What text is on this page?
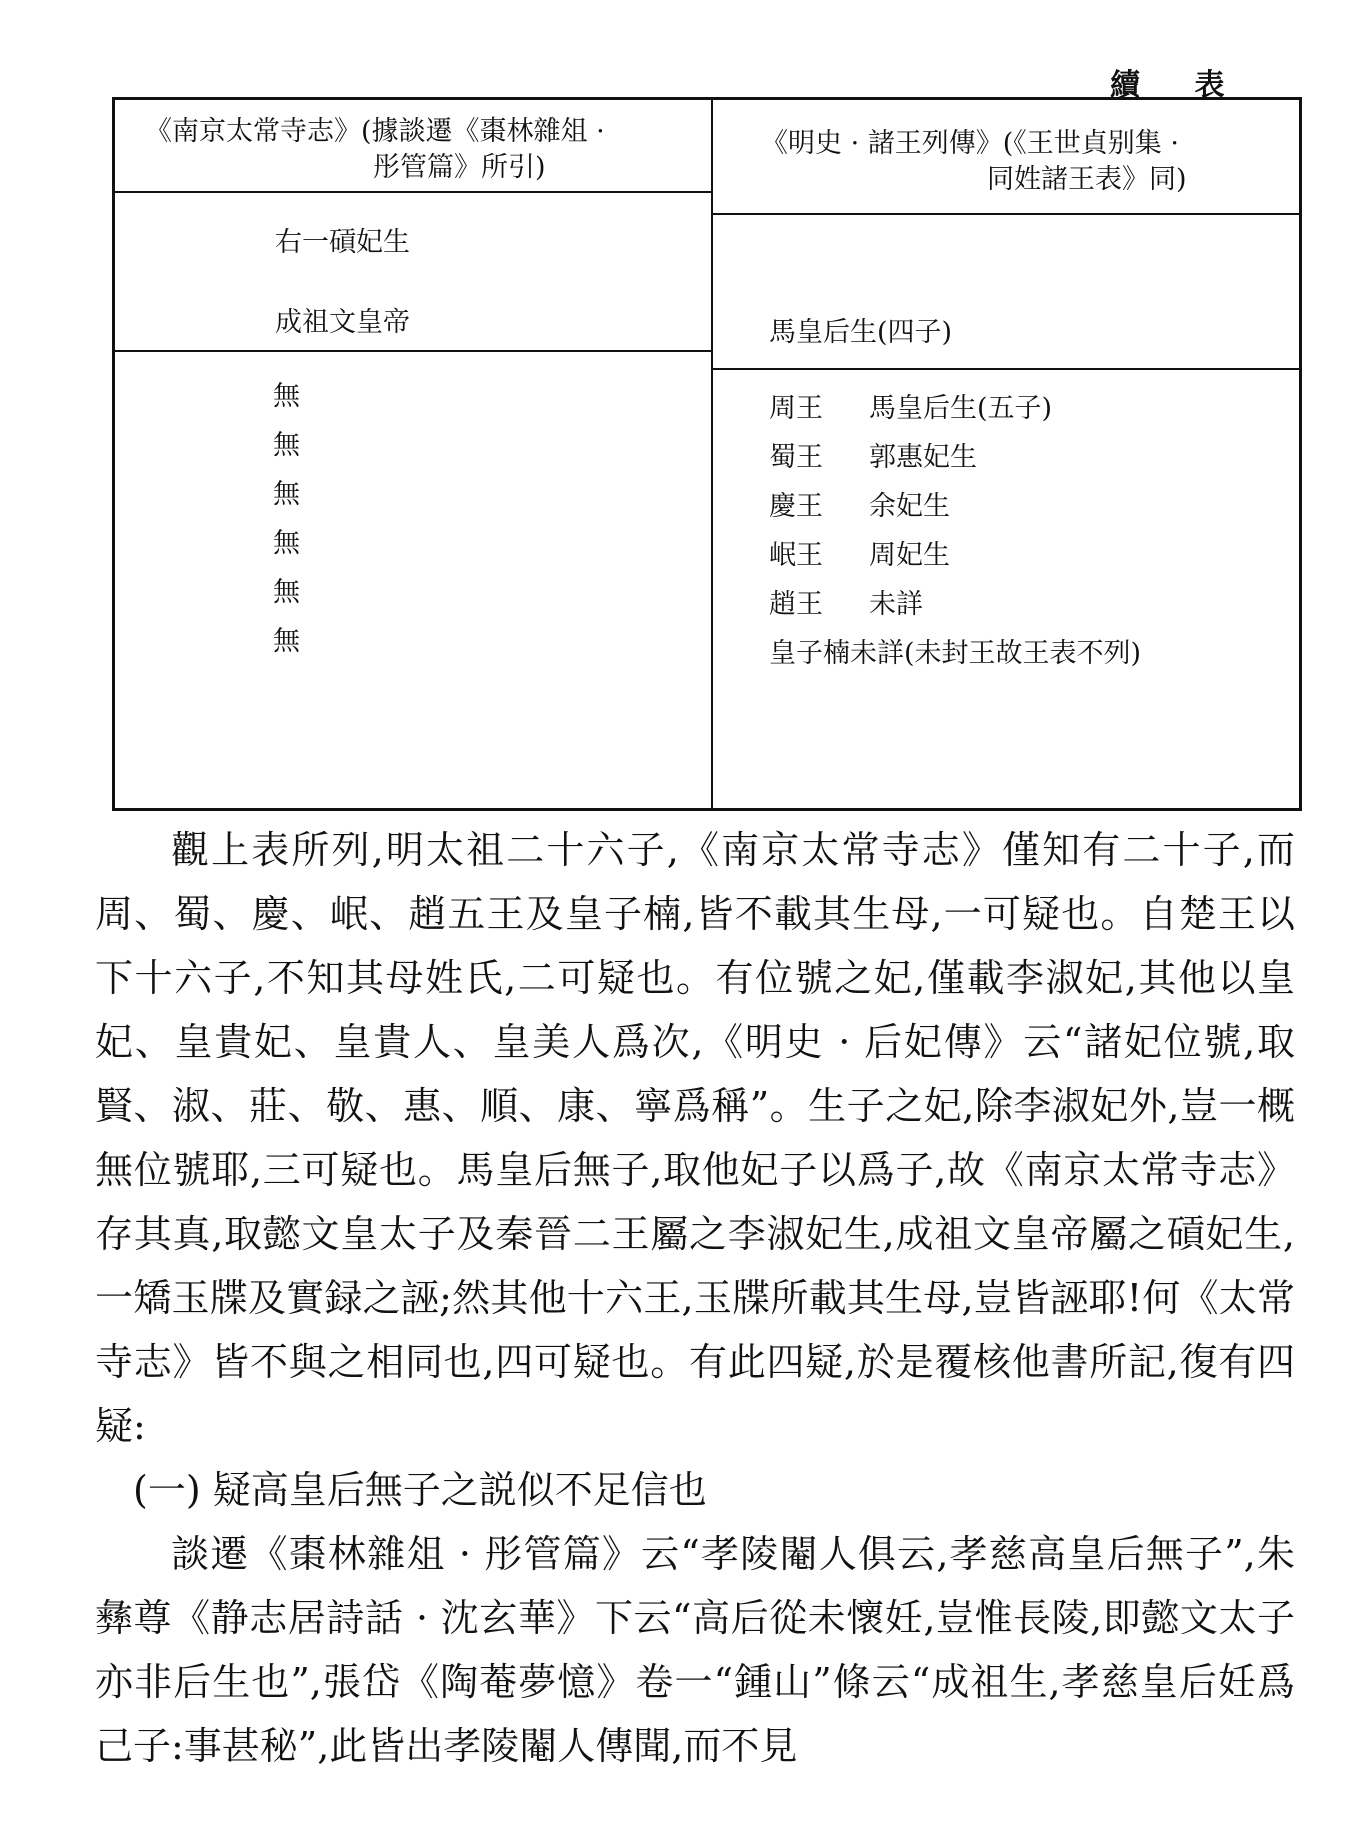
續 表
《南京太常寺志》(據談遷《棗林雜俎 ·
彤管篇》所引)
《明史 · 諸王列傳》(《王世貞别集 ·
同姓諸王表》同)
右一碽妃生
成祖文皇帝	馬皇后生(四子)
無
無
無
無
無
無
周王 馬皇后生(五子)
蜀王 郭惠妃生
慶王 余妃生
岷王 周妃生
趙王 未詳
皇子楠未詳(未封王故王表不列)

觀上表所列,明太祖二十六子,《南京太常寺志》僅知有二十子,而周、蜀、慶、岷、趙五王及皇子楠,皆不載其生母,一可疑也。自楚王以下十六子,不知其母姓氏,二可疑也。有位號之妃,僅載李淑妃,其他以皇妃、皇貴妃、皇貴人、皇美人爲次,《明史 · 后妃傳》云“諸妃位號,取賢、淑、莊、敬、惠、順、康、寧爲稱”。生子之妃,除李淑妃外,豈一概無位號耶,三可疑也。馬皇后無子,取他妃子以爲子,故《南京太常寺志》存其真,取懿文皇太子及秦晉二王屬之李淑妃生,成祖文皇帝屬之碽妃生,一矯玉牒及實録之誣;然其他十六王,玉牒所載其生母,豈皆誣耶!何《太常寺志》皆不與之相同也,四可疑也。有此四疑,於是覆核他書所記,復有四疑:

(一) 疑高皇后無子之説似不足信也

談遷《棗林雜俎 · 彤管篇》云“孝陵閹人俱云,孝慈高皇后無子”,朱彝尊《静志居詩話 · 沈玄華》下云“高后從未懷妊,豈惟長陵,即懿文太子亦非后生也”,張岱《陶菴夢憶》卷一“鍾山”條云“成祖生,孝慈皇后妊爲己子:事甚秘”,此皆出孝陵閹人傳聞,而不見
